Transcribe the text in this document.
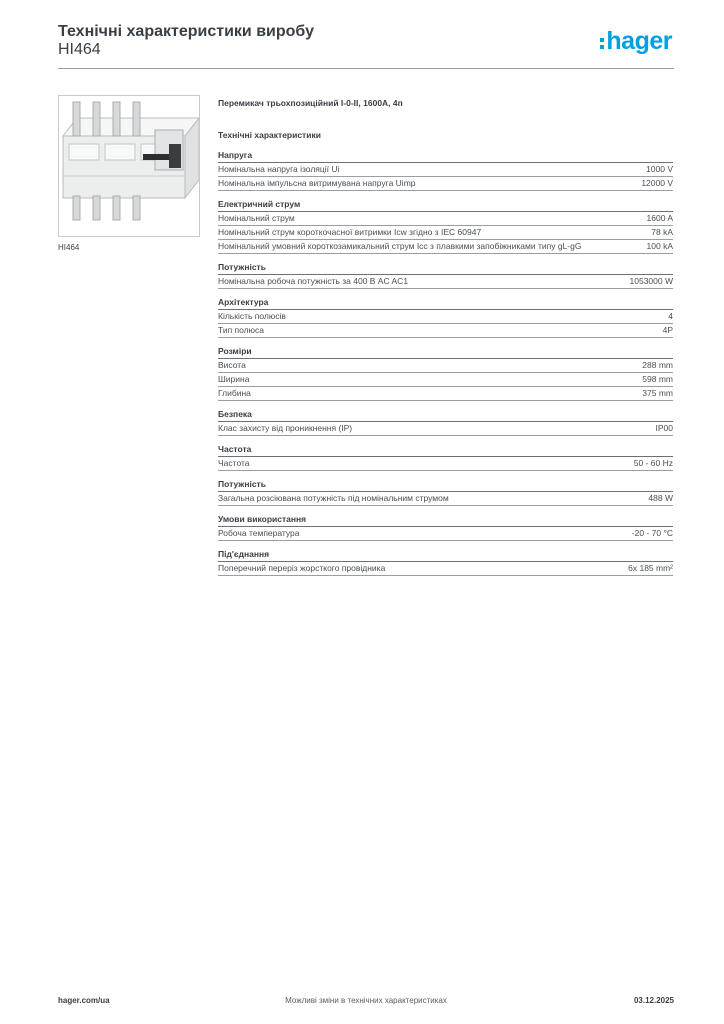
Технічні характеристики виробу
HI464	hager
HI464
Перемикач трьохпозиційний I-0-II, 1600A, 4п
Технічні характеристики
Напруга
Номінальна напруга ізоляції Ui	1000 V
Номінальна імпульсна витримувана напруга Uimp	12000 V
Електричний струм
Номінальний струм	1600 A
Номінальний струм короткочасної витримки Icw згідно з IEC 60947	78 kA
Номінальний умовний короткозамикальний струм Icc з плавкими запобіжниками типу gL-gG	100 kA
Потужність
Номінальна робоча потужність за 400 В AC AC1	1053000 W
Архітектура
Кількість полюсів	4
Тип полюса	4P
Розміри
Висота	288 mm
Ширина	598 mm
Глибина	375 mm
Безпека
Клас захисту від проникнення (IP)	IP00
Частота
Частота	50 - 60 Hz
Потужність
Загальна розсіювана потужність під номінальним струмом	488 W
Умови використання
Робоча температура	-20 - 70 °C
Під'єднання
Поперечний переріз жорсткого провідника	6x 185 mm²
hager.com/ua	Можливі зміни в технічних характеристиках	03.12.2025
